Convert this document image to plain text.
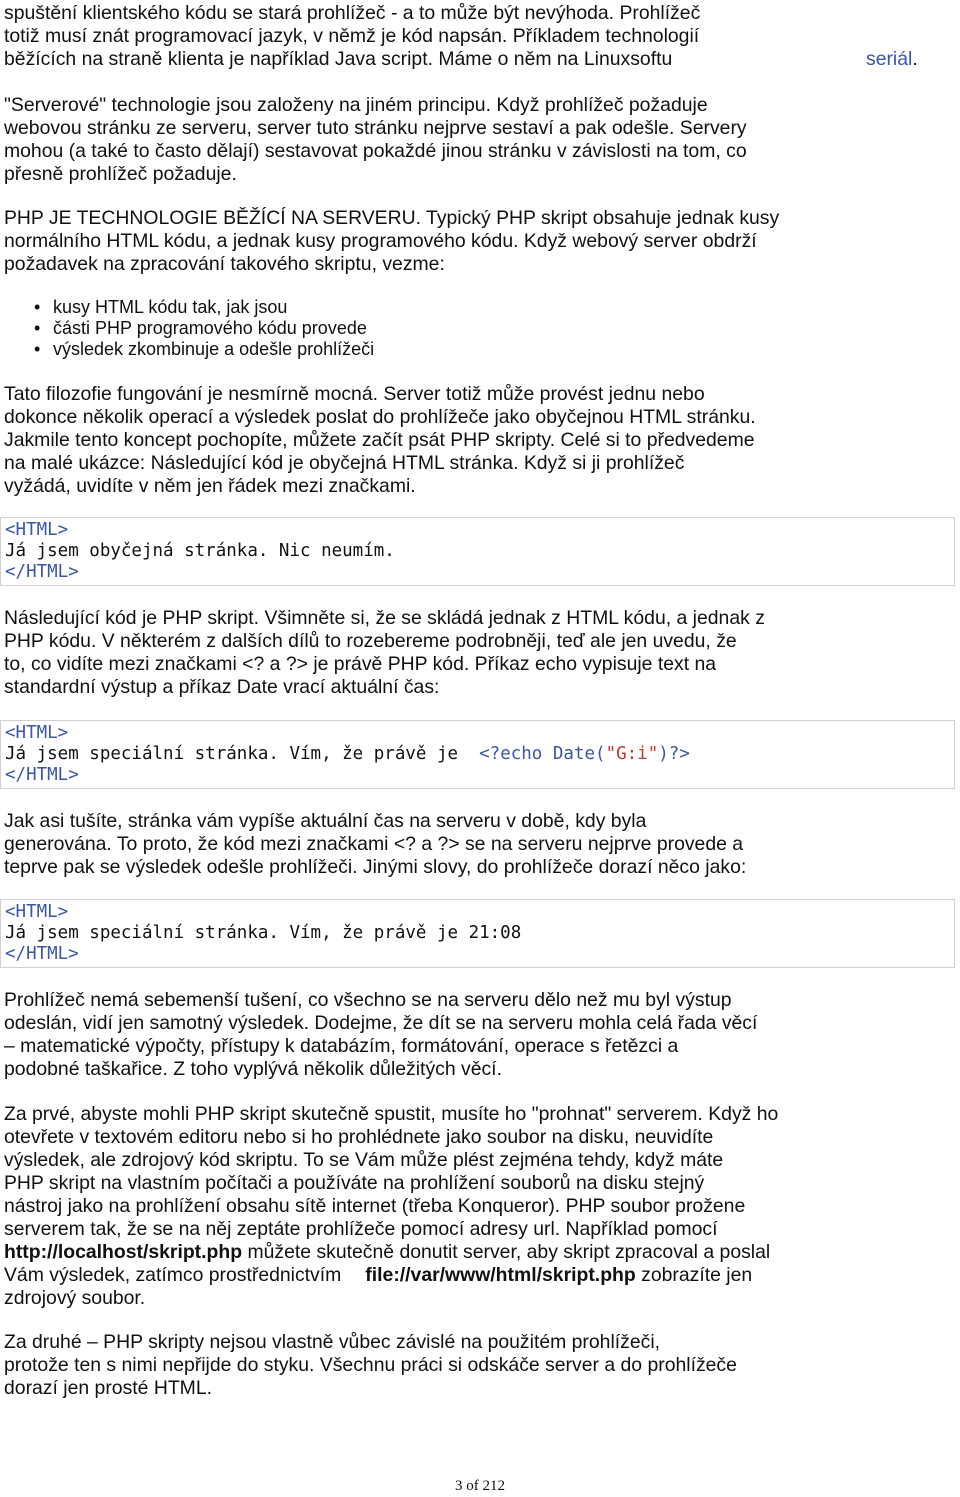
spuštění klientského kódu se stará prohlížeč - a to může být nevýhoda. Prohlížeč
totiž musí znát programovací jazyk, v němž je kód napsán. Příkladem technologií
běžících na straně klienta je například Java script. Máme o něm na Linuxsoftu	seriál.
"Serverové" technologie jsou založeny na jiném principu. Když prohlížeč požaduje
webovou stránku ze serveru, server tuto stránku nejprve sestaví a pak odešle. Servery
mohou (a také to často dělají) sestavovat pokaždé jinou stránku v závislosti na tom, co
přesně prohlížeč požaduje.
PHP JE TECHNOLOGIE BĚŽÍCÍ NA SERVERU. Typický PHP skript obsahuje jednak kusy
normálního HTML kódu, a jednak kusy programového kódu. Když webový server obdrží
požadavek na zpracování takového skriptu, vezme:
• kusy HTML kódu tak, jak jsou
• části PHP programového kódu provede
• výsledek zkombinuje a odešle prohlížeči
Tato filozofie fungování je nesmírně mocná. Server totiž může provést jednu nebo
dokonce několik operací a výsledek poslat do prohlížeče jako obyčejnou HTML stránku.
Jakmile tento koncept pochopíte, můžete začít psát PHP skripty. Celé si to předvedeme
na malé ukázce: Následující kód je obyčejná HTML stránka. Když si ji prohlížeč
vyžádá, uvidíte v něm jen řádek mezi značkami.
<HTML>
Já jsem obyčejná stránka. Nic neumím.
</HTML>
Následující kód je PHP skript. Všimněte si, že se skládá jednak z HTML kódu, a jednak z
PHP kódu. V některém z dalších dílů to rozebereme podrobněji, teď ale jen uvedu, že
to, co vidíte mezi značkami <? a ?> je právě PHP kód. Příkaz echo vypisuje text na
standardní výstup a příkaz Date vrací aktuální čas:
<HTML>
Já jsem speciální stránka. Vím, že právě je  <?echo Date("G:i")?>
</HTML>
Jak asi tušíte, stránka vám vypíše aktuální čas na serveru v době, kdy byla
generována. To proto, že kód mezi značkami <? a ?> se na serveru nejprve provede a
teprve pak se výsledek odešle prohlížeči. Jinými slovy, do prohlížeče dorazí něco jako:
<HTML>
Já jsem speciální stránka. Vím, že právě je 21:08
</HTML>
Prohlížeč nemá sebemenší tušení, co všechno se na serveru dělo než mu byl výstup
odeslán, vidí jen samotný výsledek. Dodejme, že dít se na serveru mohla celá řada věcí
– matematické výpočty, přístupy k databázím, formátování, operace s řetězci a
podobné taškařice. Z toho vyplývá několik důležitých věcí.
Za prvé, abyste mohli PHP skript skutečně spustit, musíte ho "prohnat" serverem. Když ho
otevřete v textovém editoru nebo si ho prohlédnete jako soubor na disku, neuvidíte
výsledek, ale zdrojový kód skriptu. To se Vám může plést zejména tehdy, když máte
PHP skript na vlastním počítači a používáte na prohlížení souborů na disku stejný
nástroj jako na prohlížení obsahu sítě internet (třeba Konqueror). PHP soubor prožene
serverem tak, že se na něj zeptáte prohlížeče pomocí adresy url. Například pomocí
http://localhost/skript.php můžete skutečně donutit server, aby skript zpracoval a poslal
Vám výsledek, zatímco prostřednictvím file://var/www/html/skript.php zobrazíte jen
zdrojový soubor.
Za druhé – PHP skripty nejsou vlastně vůbec závislé na použitém prohlížeči,
protože ten s nimi nepřijde do styku. Všechnu práci si odskáče server a do prohlížeče
dorazí jen prosté HTML.
3 of 212
